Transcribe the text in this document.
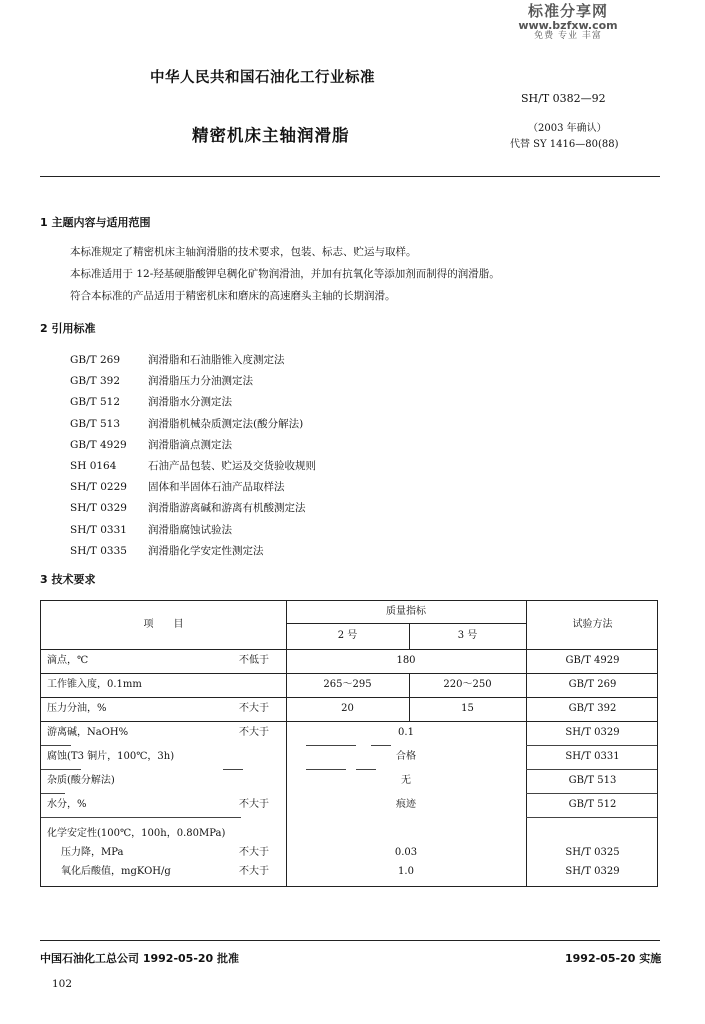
标准分享网
www.bzfxw.com
免费 专业 丰富
中华人民共和国石油化工行业标准
精密机床主轴润滑脂
SH/T 0382—92
（2003 年确认）
代替 SY 1416—80(88)
1 主题内容与适用范围
本标准规定了精密机床主轴润滑脂的技术要求，包装、标志、贮运与取样。
本标准适用于 12-羟基硬脂酸钾皂稠化矿物润滑油，并加有抗氧化等添加剂而制得的润滑脂。
符合本标准的产品适用于精密机床和磨床的高速磨头主轴的长期润滑。
2 引用标准
GB/T 269	润滑脂和石油脂锥入度测定法
GB/T 392	润滑脂压力分油测定法
GB/T 512	润滑脂水分测定法
GB/T 513	润滑脂机械杂质测定法(酸分解法)
GB/T 4929 润滑脂滴点测定法
SH 0164	石油产品包装、贮运及交货验收规则
SH/T 0229 固体和半固体石油产品取样法
SH/T 0329 润滑脂游离碱和游离有机酸测定法
SH/T 0331 润滑脂腐蚀试验法
SH/T 0335 润滑脂化学安定性测定法
3 技术要求
项　　目
质量指标
2 号	3 号
试验方法
滴点，℃	不低于	180	GB/T 4929
工作锥入度，0.1mm	265～295	220～250	GB/T 269
压力分油，%	不大于	20	15	GB/T 392
游离碱，NaOH%	不大于	0.1	SH/T 0329
腐蚀(T3 铜片，100℃，3h)	合格	SH/T 0331
杂质(酸分解法)	无	GB/T 513
水分，%	不大于	痕迹	GB/T 512
化学安定性(100℃，100h，0.80MPa)
压力降，MPa	不大于	0.03	SH/T 0325
氧化后酸值，mgKOH/g	不大于	1.0	SH/T 0329
中国石油化工总公司 1992-05-20 批准	1992-05-20 实施
102
